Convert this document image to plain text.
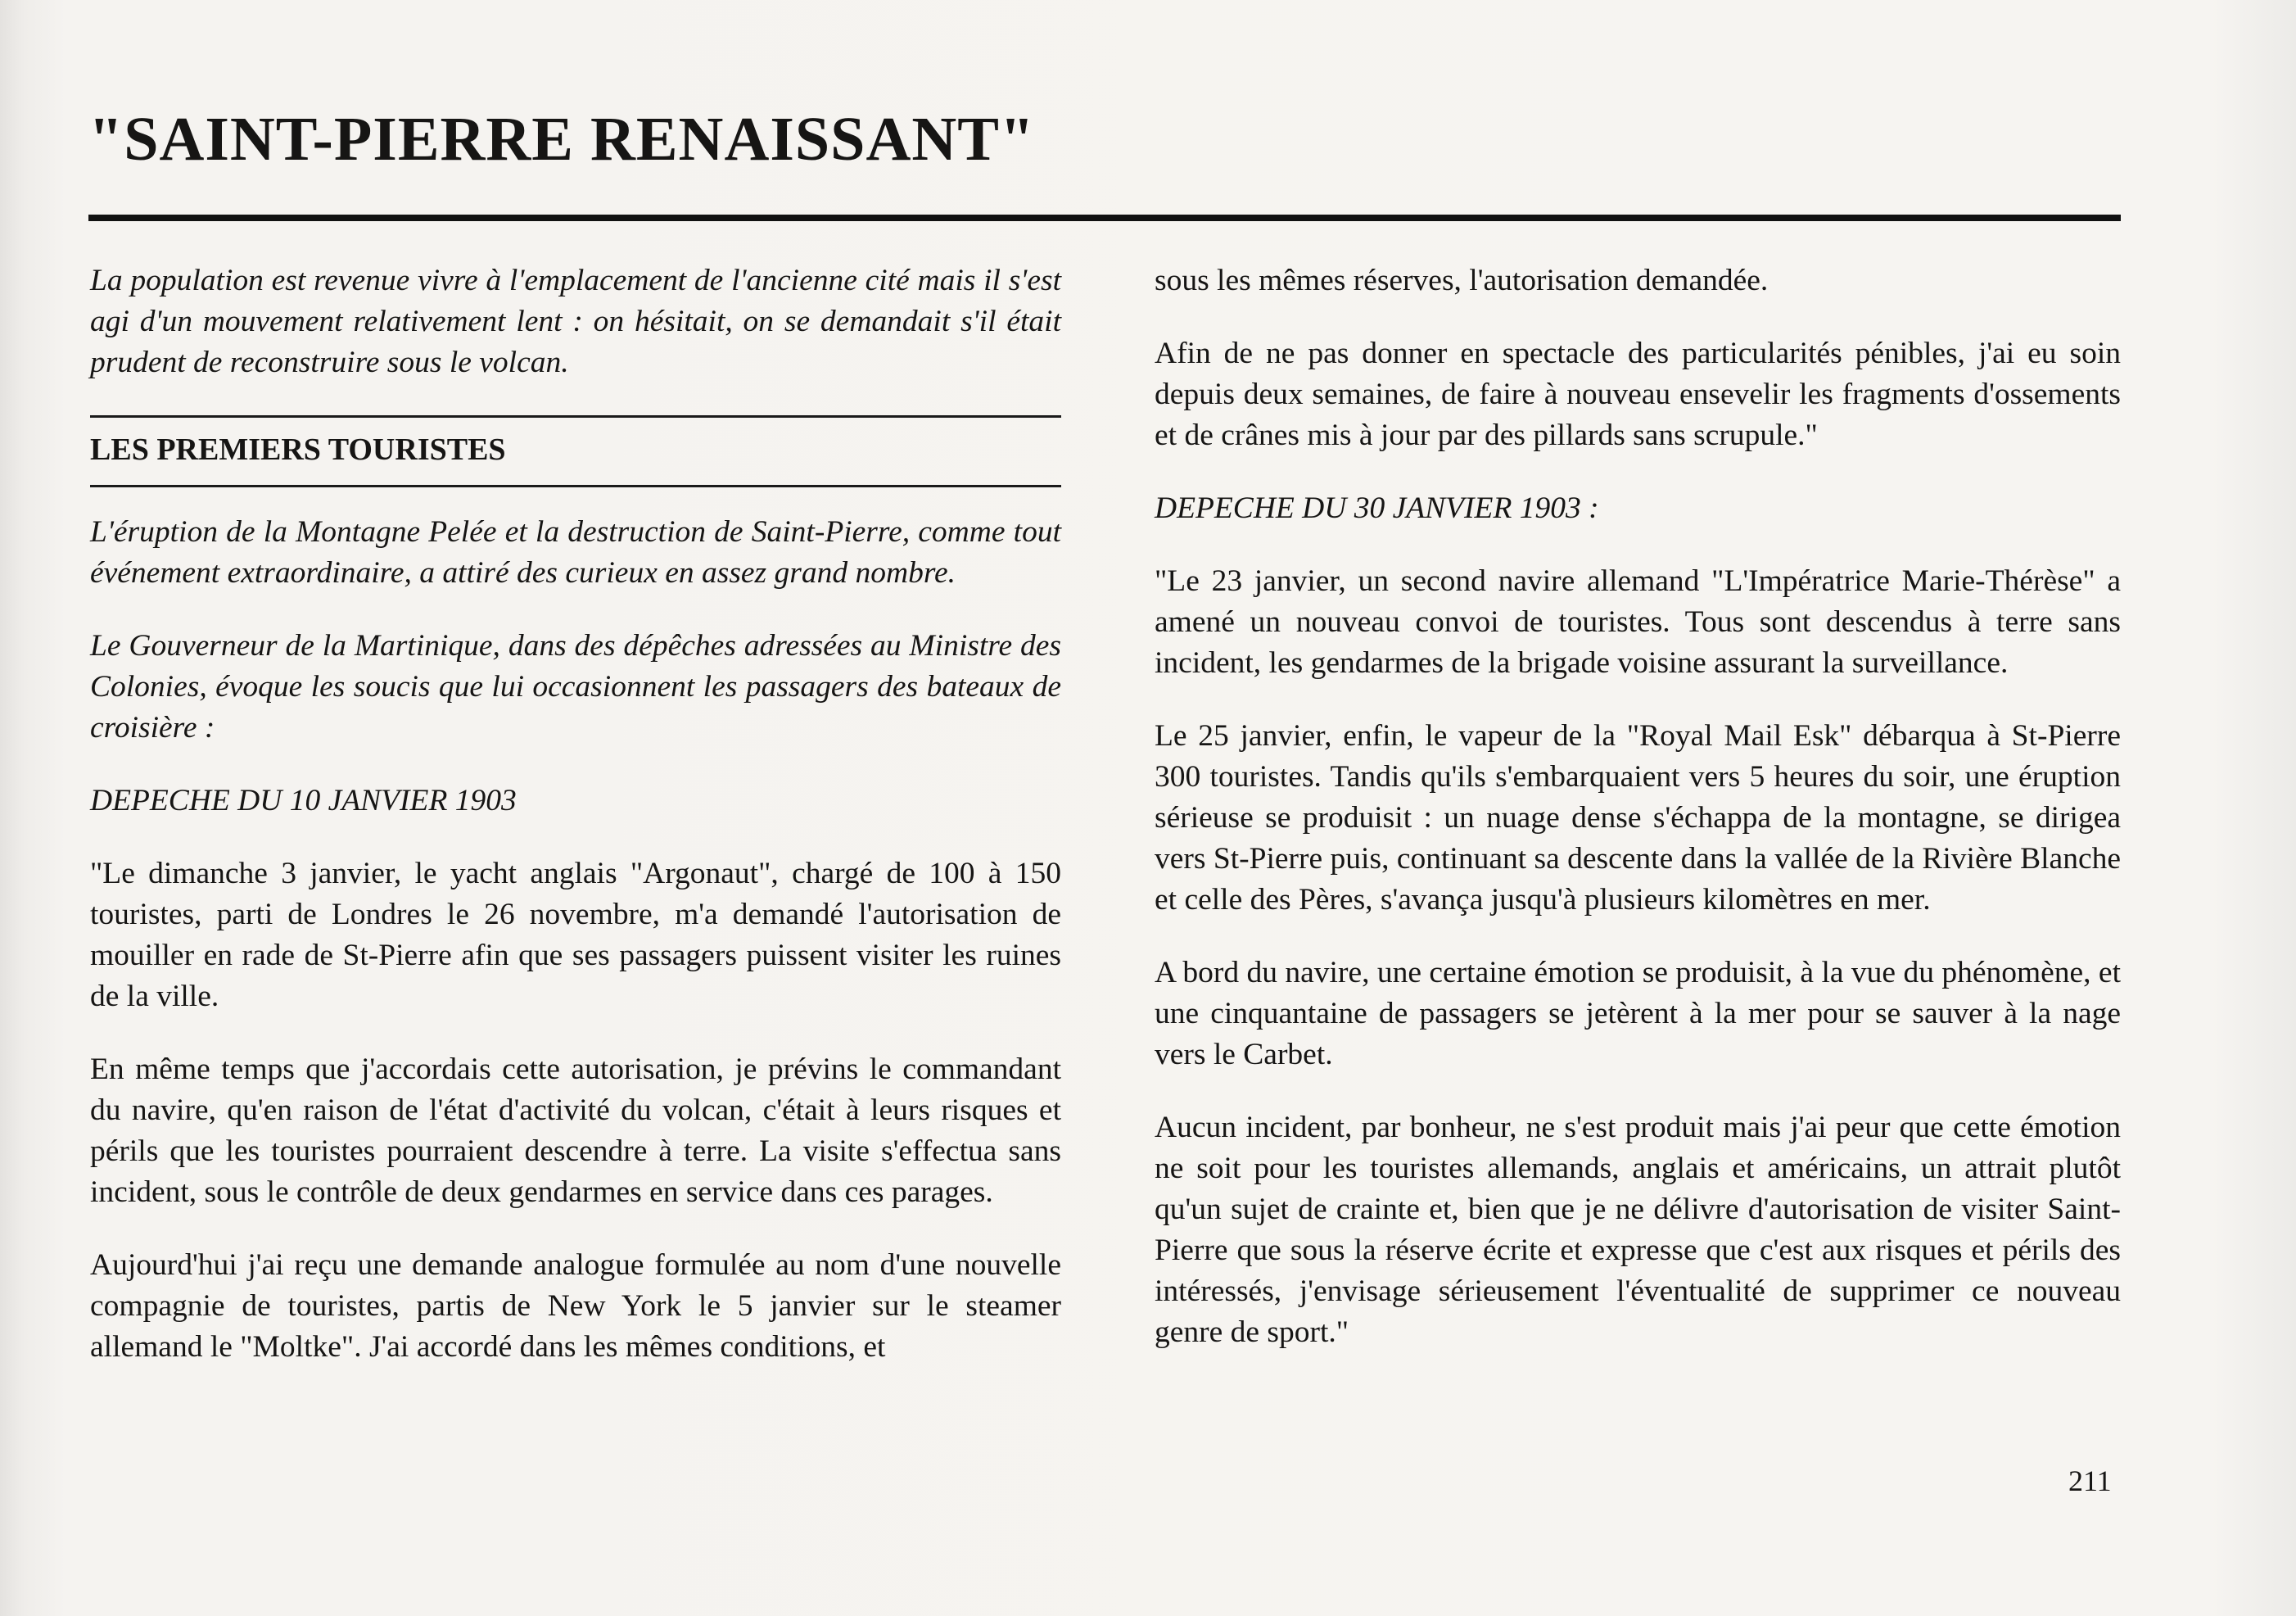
"SAINT-PIERRE RENAISSANT"

La population est revenue vivre à l'emplacement de l'ancienne cité mais il s'est agi d'un mouvement relativement lent : on hésitait, on se demandait s'il était prudent de reconstruire sous le volcan.

LES PREMIERS TOURISTES

L'éruption de la Montagne Pelée et la destruction de Saint-Pierre, comme tout événement extraordinaire, a attiré des curieux en assez grand nombre.

Le Gouverneur de la Martinique, dans des dépêches adressées au Ministre des Colonies, évoque les soucis que lui occasionnent les passagers des bateaux de croisière :

DEPECHE DU 10 JANVIER 1903

"Le dimanche 3 janvier, le yacht anglais "Argonaut", chargé de 100 à 150 touristes, parti de Londres le 26 novembre, m'a demandé l'autorisation de mouiller en rade de St-Pierre afin que ses passagers puissent visiter les ruines de la ville.

En même temps que j'accordais cette autorisation, je prévins le commandant du navire, qu'en raison de l'état d'activité du volcan, c'était à leurs risques et périls que les touristes pourraient descendre à terre. La visite s'effectua sans incident, sous le contrôle de deux gendarmes en service dans ces parages.

Aujourd'hui j'ai reçu une demande analogue formulée au nom d'une nouvelle compagnie de touristes, partis de New York le 5 janvier sur le steamer allemand le "Moltke". J'ai accordé dans les mêmes conditions, et

sous les mêmes réserves, l'autorisation demandée.

Afin de ne pas donner en spectacle des particularités pénibles, j'ai eu soin depuis deux semaines, de faire à nouveau ensevelir les fragments d'ossements et de crânes mis à jour par des pillards sans scrupule."

DEPECHE DU 30 JANVIER 1903 :

"Le 23 janvier, un second navire allemand "L'Impératrice Marie-Thérèse" a amené un nouveau convoi de touristes. Tous sont descendus à terre sans incident, les gendarmes de la brigade voisine assurant la surveillance.

Le 25 janvier, enfin, le vapeur de la "Royal Mail Esk" débarqua à St-Pierre 300 touristes. Tandis qu'ils s'embarquaient vers 5 heures du soir, une éruption sérieuse se produisit : un nuage dense s'échappa de la montagne, se dirigea vers St-Pierre puis, continuant sa descente dans la vallée de la Rivière Blanche et celle des Pères, s'avança jusqu'à plusieurs kilomètres en mer.

A bord du navire, une certaine émotion se produisit, à la vue du phénomène, et une cinquantaine de passagers se jetèrent à la mer pour se sauver à la nage vers le Carbet.

Aucun incident, par bonheur, ne s'est produit mais j'ai peur que cette émotion ne soit pour les touristes allemands, anglais et américains, un attrait plutôt qu'un sujet de crainte et, bien que je ne délivre d'autorisation de visiter Saint-Pierre que sous la réserve écrite et expresse que c'est aux risques et périls des intéressés, j'envisage sérieusement l'éventualité de supprimer ce nouveau genre de sport."

211
